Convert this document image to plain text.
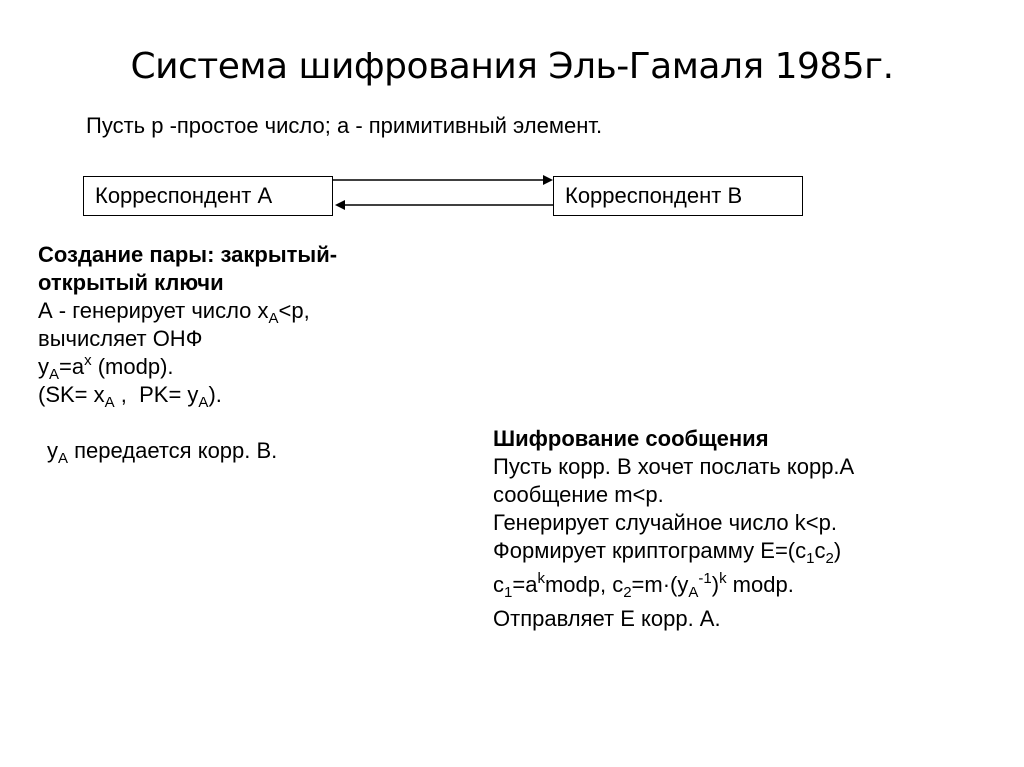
Система шифрования Эль-Гамаля 1985г.
Пусть p -простое число; a - примитивный элемент.
Корреспондент А	Корреспондент В
Создание пары: закрытый-
открытый ключи
А - генерирует число $x_A<p$,
вычисляет ОНФ
$y_A=a^x$ (modp).
($SK= x_A$ ,  $PK= y_A$).
$y_A$ передается корр. В.	Шифрование сообщения
Пусть корр. В хочет послать корр.А
сообщение m<p.
Генерирует случайное число k<p.
Формирует криптограмму $E=(c_1c_2)$
$c_1=a^kmodp$, $c_2=m\cdot(y_A^{-1})^k$ modp.
Отправляет E корр. А.
